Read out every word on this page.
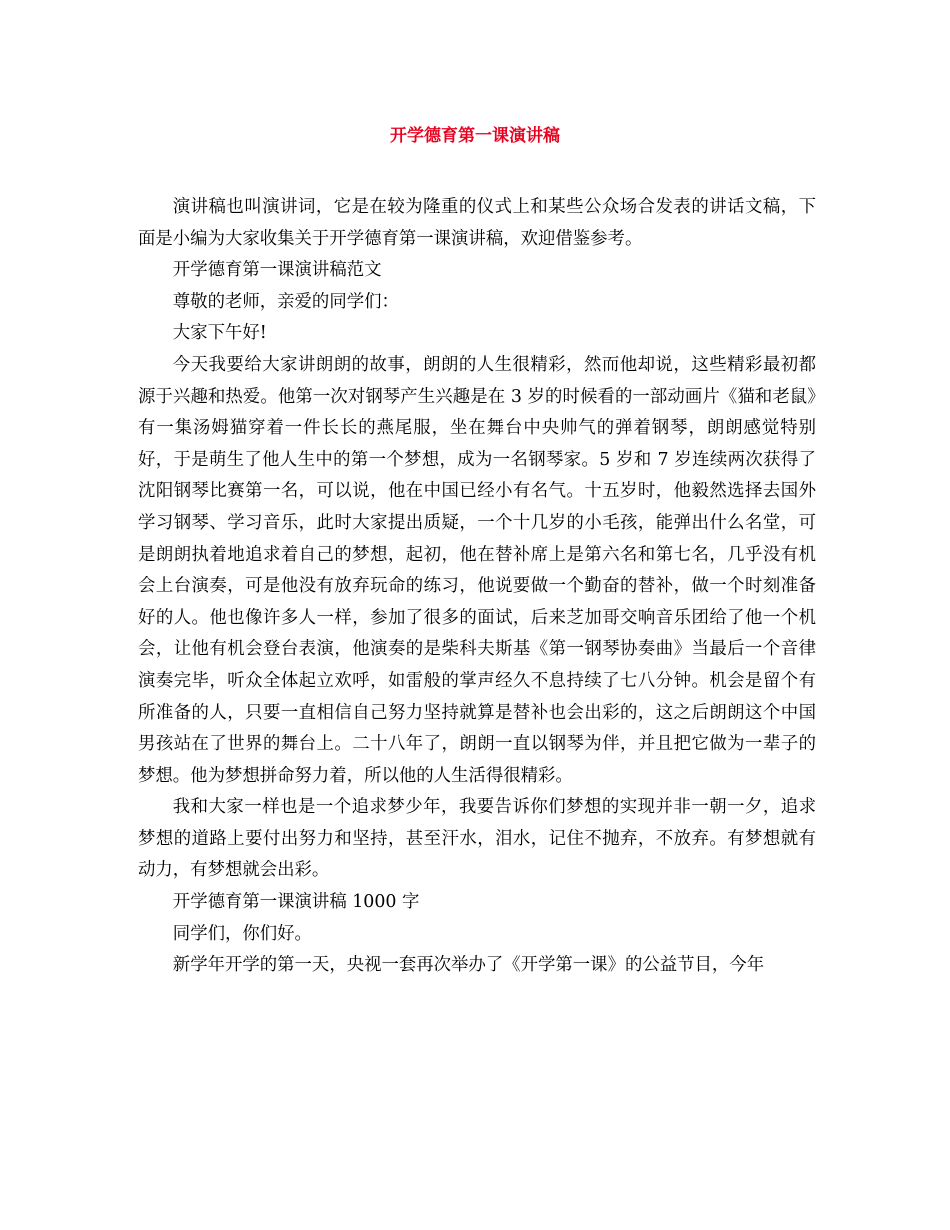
开学德育第一课演讲稿

演讲稿也叫演讲词，它是在较为隆重的仪式上和某些公众场合发表的讲话文稿，下面是小编为大家收集关于开学德育第一课演讲稿，欢迎借鉴参考。

开学德育第一课演讲稿范文

尊敬的老师，亲爱的同学们：

大家下午好!

今天我要给大家讲朗朗的故事，朗朗的人生很精彩，然而他却说，这些精彩最初都源于兴趣和热爱。他第一次对钢琴产生兴趣是在 3 岁的时候看的一部动画片《猫和老鼠》有一集汤姆猫穿着一件长长的燕尾服，坐在舞台中央帅气的弹着钢琴，朗朗感觉特别好，于是萌生了他人生中的第一个梦想，成为一名钢琴家。5 岁和 7 岁连续两次获得了沈阳钢琴比赛第一名，可以说，他在中国已经小有名气。十五岁时，他毅然选择去国外学习钢琴、学习音乐，此时大家提出质疑，一个十几岁的小毛孩，能弹出什么名堂，可是朗朗执着地追求着自己的梦想，起初，他在替补席上是第六名和第七名，几乎没有机会上台演奏，可是他没有放弃玩命的练习，他说要做一个勤奋的替补，做一个时刻准备好的人。他也像许多人一样，参加了很多的面试，后来芝加哥交响音乐团给了他一个机会，让他有机会登台表演，他演奏的是柴科夫斯基《第一钢琴协奏曲》当最后一个音律演奏完毕，听众全体起立欢呼，如雷般的掌声经久不息持续了七八分钟。机会是留个有所准备的人，只要一直相信自己努力坚持就算是替补也会出彩的，这之后朗朗这个中国男孩站在了世界的舞台上。二十八年了，朗朗一直以钢琴为伴，并且把它做为一辈子的梦想。他为梦想拼命努力着，所以他的人生活得很精彩。

我和大家一样也是一个追求梦少年，我要告诉你们梦想的实现并非一朝一夕，追求梦想的道路上要付出努力和坚持，甚至汗水，泪水，记住不抛弃，不放弃。有梦想就有动力，有梦想就会出彩。

开学德育第一课演讲稿 1000 字

同学们，你们好。

新学年开学的第一天，央视一套再次举办了《开学第一课》的公益节目，今年
